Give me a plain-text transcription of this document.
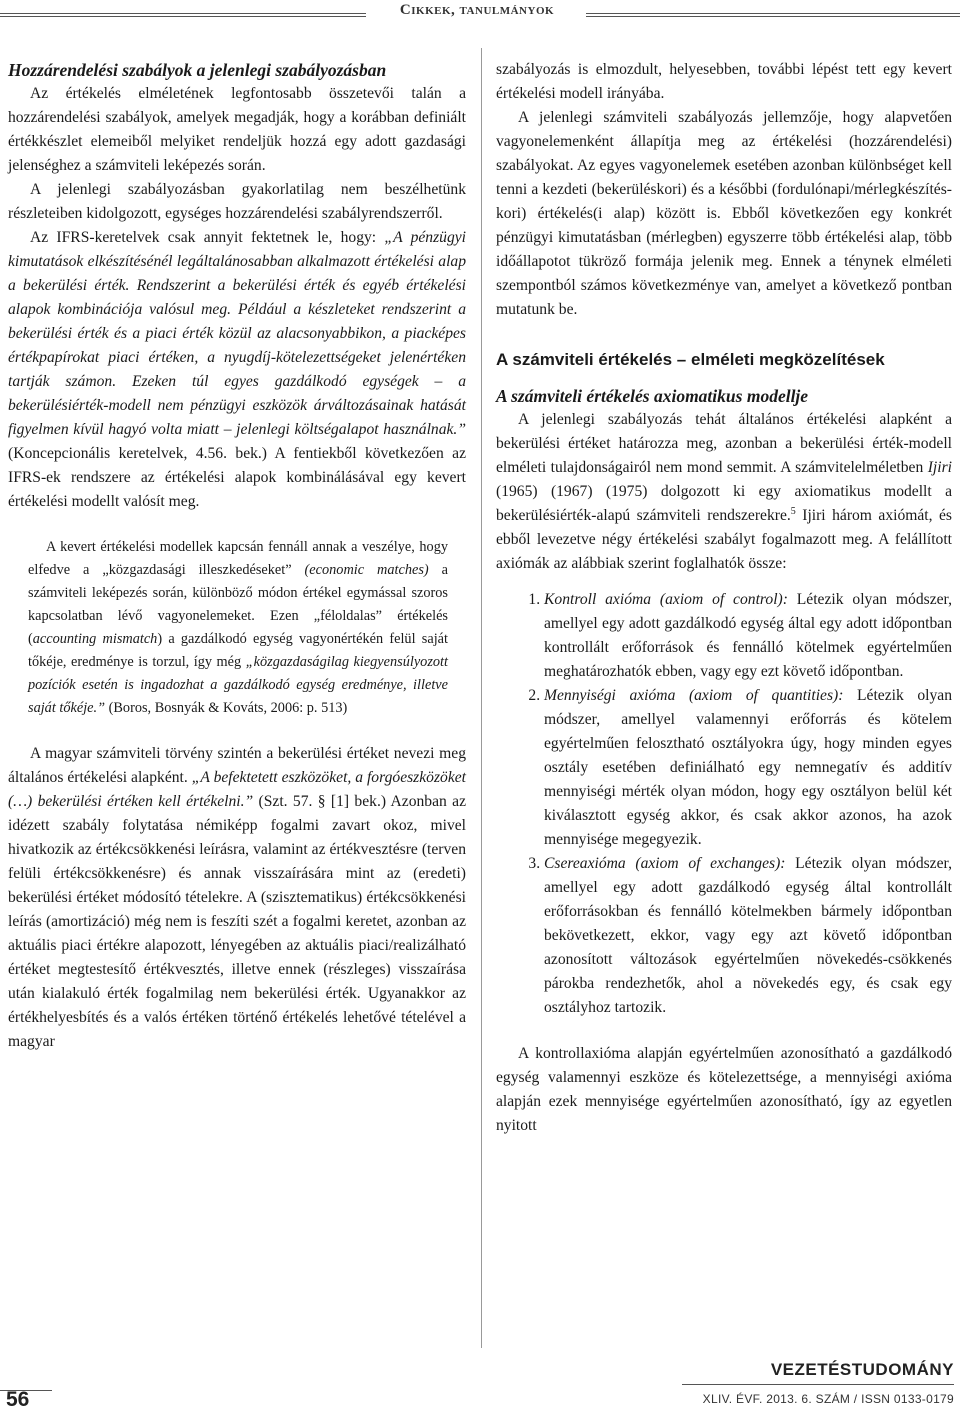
Cikkek, tanulmányok
Hozzárendelési szabályok a jelenlegi szabályozásban

Az értékelés elméletének legfontosabb összetevői talán a hozzárendelési szabályok, amelyek megadják, hogy a korábban definiált értékkészlet elemeiből melyiket rendeljük hozzá egy adott gazdasági jelenséghez a számviteli leképezés során.

A jelenlegi szabályozásban gyakorlatilag nem beszélhetünk részleteiben kidolgozott, egységes hozzárendelési szabályrendszerről.

Az IFRS-keretelvek csak annyit fektetnek le, hogy: „A pénzügyi kimutatások elkészítésénél legáltalánosabban alkalmazott értékelési alap a bekerülési érték. Rendszerint a bekerülési érték és egyéb értékelési alapok kombinációja valósul meg. Például a készleteket rendszerint a bekerülési érték és a piaci érték közül az alacsonyabbikon, a piacképes értékpapírokat piaci értéken, a nyugdíj-kötelezettségeket jelenértéken tartják számon. Ezeken túl egyes gazdálkodó egységek – a bekerülésiérték-modell nem pénzügyi eszközök árváltozásainak hatását figyelmen kívül hagyó volta miatt – jelenlegi költségalapot használnak.” (Koncepcionális keretelvek, 4.56. bek.) A fentiekből következően az IFRS-ek rendszere az értékelési alapok kombinálásával egy kevert értékelési modellt valósít meg.

A kevert értékelési modellek kapcsán fennáll annak a veszélye, hogy elfedve a „közgazdasági illeszkedéseket” (economic matches) a számviteli leképezés során, különböző módon értékel egymással szoros kapcsolatban lévő vagyonelemeket. Ezen „féloldalas” értékelés (accounting mismatch) a gazdálkodó egység vagyonértékén felül saját tőkéje, eredménye is torzul, így még „közgazdaságilag kiegyensúlyozott pozíciók esetén is ingadozhat a gazdálkodó egység eredménye, illetve saját tőkéje.” (Boros, Bosnyák & Kováts, 2006: p. 513)

A magyar számviteli törvény szintén a bekerülési értéket nevezi meg általános értékelési alapként. „A befektetett eszközöket, a forgóeszközöket (…) bekerülési értéken kell értékelni.” (Szt. 57. § [1] bek.) Azonban az idézett szabály folytatása némiképp fogalmi zavart okoz, mivel hivatkozik az értékcsökkenési leírásra, valamint az értékvesztésre (terven felüli értékcsökkenésre) és annak visszaírására mint az (eredeti) bekerülési értéket módosító tételekre. A (szisztematikus) értékcsökkenési leírás (amortizáció) még nem is feszíti szét a fogalmi keretet, azonban az aktuális piaci értékre alapozott, lényegében az aktuális piaci/realizálható értéket megtestesítő értékvesztés, illetve ennek (részleges) visszaírása után kialakuló érték fogalmilag nem bekerülési érték. Ugyanakkor az értékhelyesbítés és a valós értéken történő értékelés lehetővé tételével a magyar

szabályozás is elmozdult, helyesebben, további lépést tett egy kevert értékelési modell irányába.

A jelenlegi számviteli szabályozás jellemzője, hogy alapvetően vagyonelemenként állapítja meg az értékelési (hozzárendelési) szabályokat. Az egyes vagyonelemek esetében azonban különbséget kell tenni a kezdeti (bekerüléskori) és a későbbi (fordulónapi/mérlegkészítés-kori) értékelés(i alap) között is. Ebből következően egy konkrét pénzügyi kimutatásban (mérlegben) egyszerre több értékelési alap, több időállapotot tükröző formája jelenik meg. Ennek a ténynek elméleti szempontból számos következménye van, amelyet a következő pontban mutatunk be.

A számviteli értékelés – elméleti megközelítések
A számviteli értékelés axiomatikus modellje

A jelenlegi szabályozás tehát általános értékelési alapként a bekerülési értéket határozza meg, azonban a bekerülési érték-modell elméleti tulajdonságairól nem mond semmit. A számvitelelméletben Ijiri (1965) (1967) (1975) dolgozott ki egy axiomatikus modellt a bekerülésiérték-alapú számviteli rendszerekre.$^5$ Ijiri három axiómát, és ebből levezetve négy értékelési szabályt fogalmazott meg. A felállított axiómák az alábbiak szerint foglalhatók össze:

1. Kontroll axióma (axiom of control): Létezik olyan módszer, amellyel egy adott gazdálkodó egység által egy adott időpontban kontrollált erőforrások és fennálló kötelmek egyértelműen meghatározhatók ebben, vagy egy ezt követő időpontban.
2. Mennyiségi axióma (axiom of quantities): Létezik olyan módszer, amellyel valamennyi erőforrás és kötelem egyértelműen felosztható osztályokra úgy, hogy minden egyes osztály esetében definiálható egy nemnegatív és additív mennyiségi mérték olyan módon, hogy egy osztályon belül két kiválasztott egység akkor, és csak akkor azonos, ha azok mennyisége megegyezik.
3. Csereaxióma (axiom of exchanges): Létezik olyan módszer, amellyel egy adott gazdálkodó egység által kontrollált erőforrásokban és fennálló kötelmekben bármely időpontban bekövetkezett, ekkor, vagy egy azt követő időpontban azonosított változások egyértelműen növekedés-csökkenés párokba rendezhetők, ahol a növekedés egy, és csak egy osztályhoz tartozik.

A kontrollaxióma alapján egyértelműen azonosítható a gazdálkodó egység valamennyi eszköze és kötelezettsége, a mennyiségi axióma alapján ezek mennyisége egyértelműen azonosítható, így az egyetlen nyitott

56
VEZETÉSTUDOMÁNY
XLIV. ÉVF. 2013. 6. SZÁM / ISSN 0133-0179
